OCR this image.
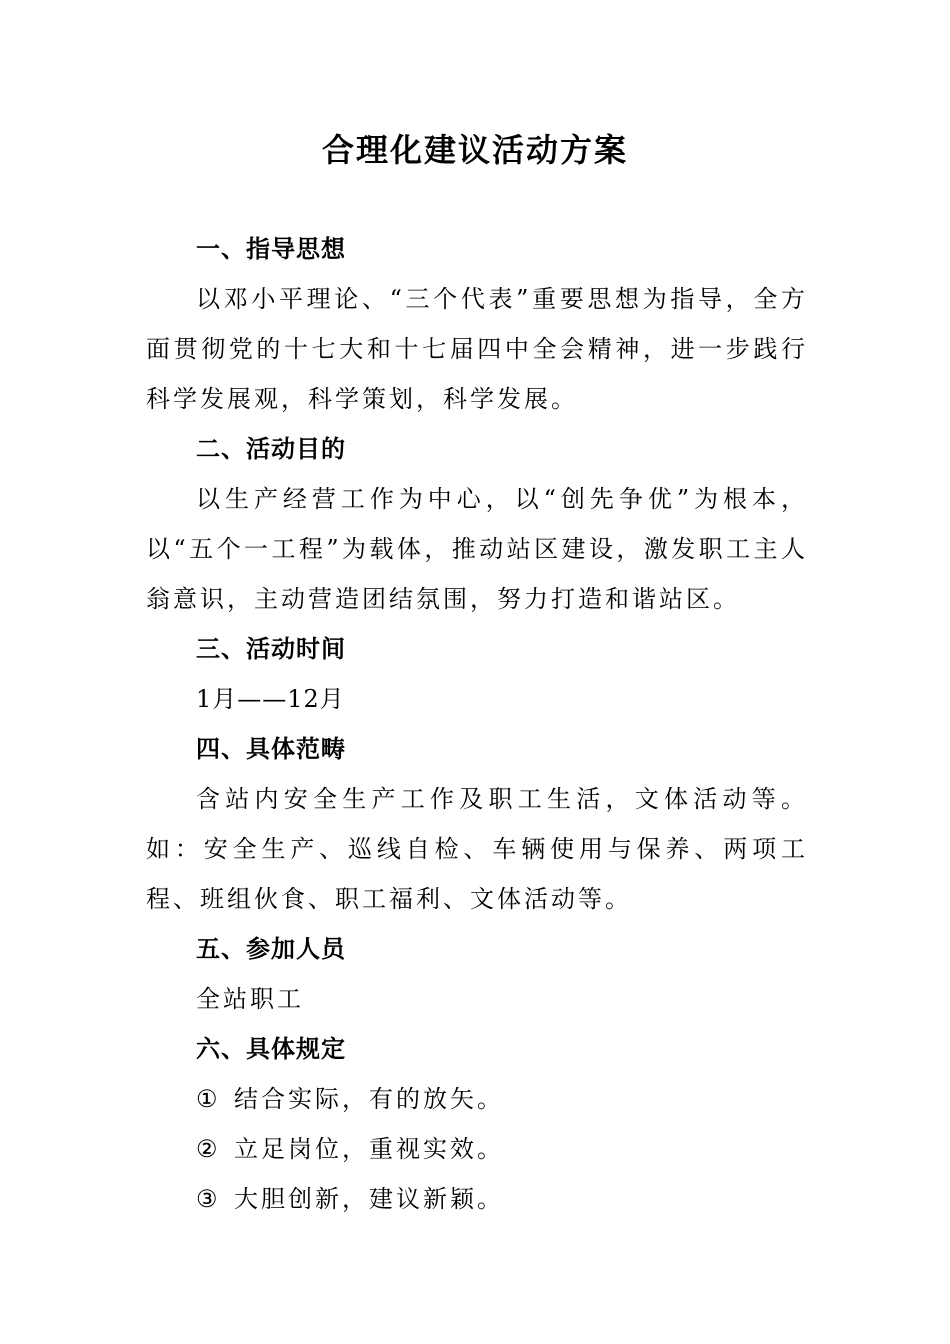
合理化建议活动方案

一、指导思想

以邓小平理论、“三个代表”重要思想为指导，全方面贯彻党的十七大和十七届四中全会精神，进一步践行科学发展观，科学策划，科学发展。

二、活动目的

以生产经营工作为中心，以“创先争优”为根本，以“五个一工程”为载体，推动站区建设，激发职工主人翁意识，主动营造团结氛围，努力打造和谐站区。

三、活动时间

1月——12月

四、具体范畴

含站内安全生产工作及职工生活，文体活动等。如：安全生产、巡线自检、车辆使用与保养、两项工程、班组伙食、职工福利、文体活动等。

五、参加人员

全站职工

六、具体规定

① 结合实际，有的放矢。

② 立足岗位，重视实效。

③ 大胆创新，建议新颖。
